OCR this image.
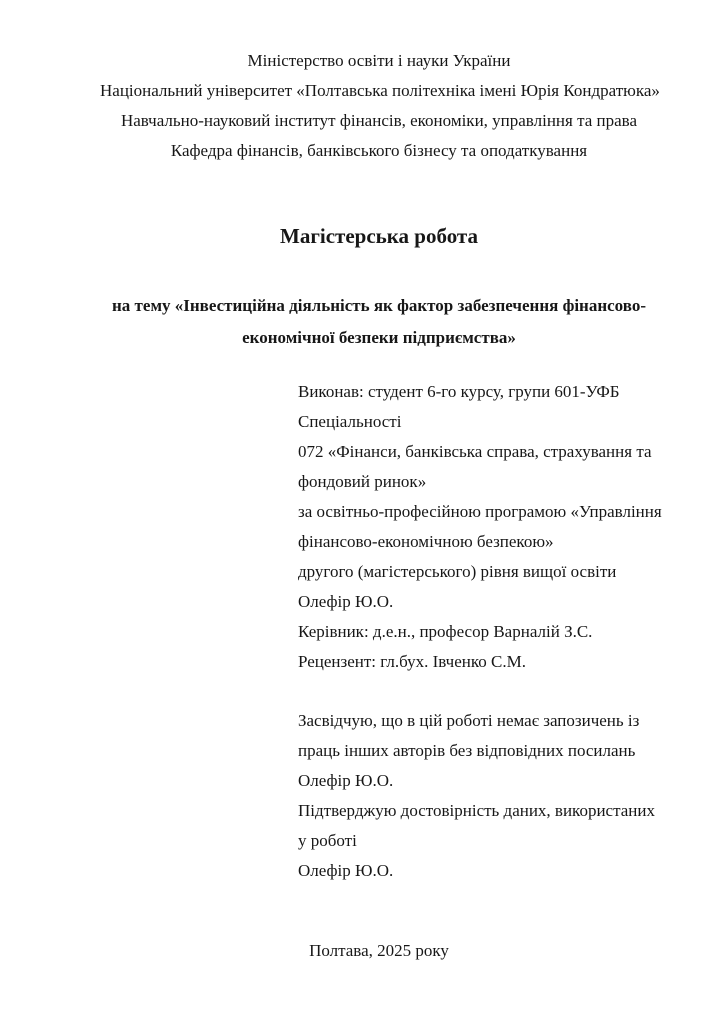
Міністерство освіти і науки України
Національний університет «Полтавська політехніка імені Юрія Кондратюка»
Навчально-науковий інститут фінансів, економіки, управління та права
Кафедра фінансів, банківського бізнесу та оподаткування
Магістерська робота
на тему «Інвестиційна діяльність як фактор забезпечення фінансово-
економічної безпеки підприємства»
Виконав: студент 6-го курсу, групи 601-УФБ
Спеціальності
072 «Фінанси, банківська справа, страхування та
фондовий ринок»
за освітньо-професійною програмою «Управління
фінансово-економічною безпекою»
другого (магістерського) рівня вищої освіти
Олефір Ю.О.
Керівник: д.е.н., професор Варналій З.С.
Рецензент: гл.бух. Івченко С.М.
Засвідчую, що в цій роботі немає запозичень із
праць інших авторів без відповідних посилань
Олефір Ю.О.
Підтверджую достовірність даних, використаних
у роботі
Олефір Ю.О.
Полтава, 2025 року
